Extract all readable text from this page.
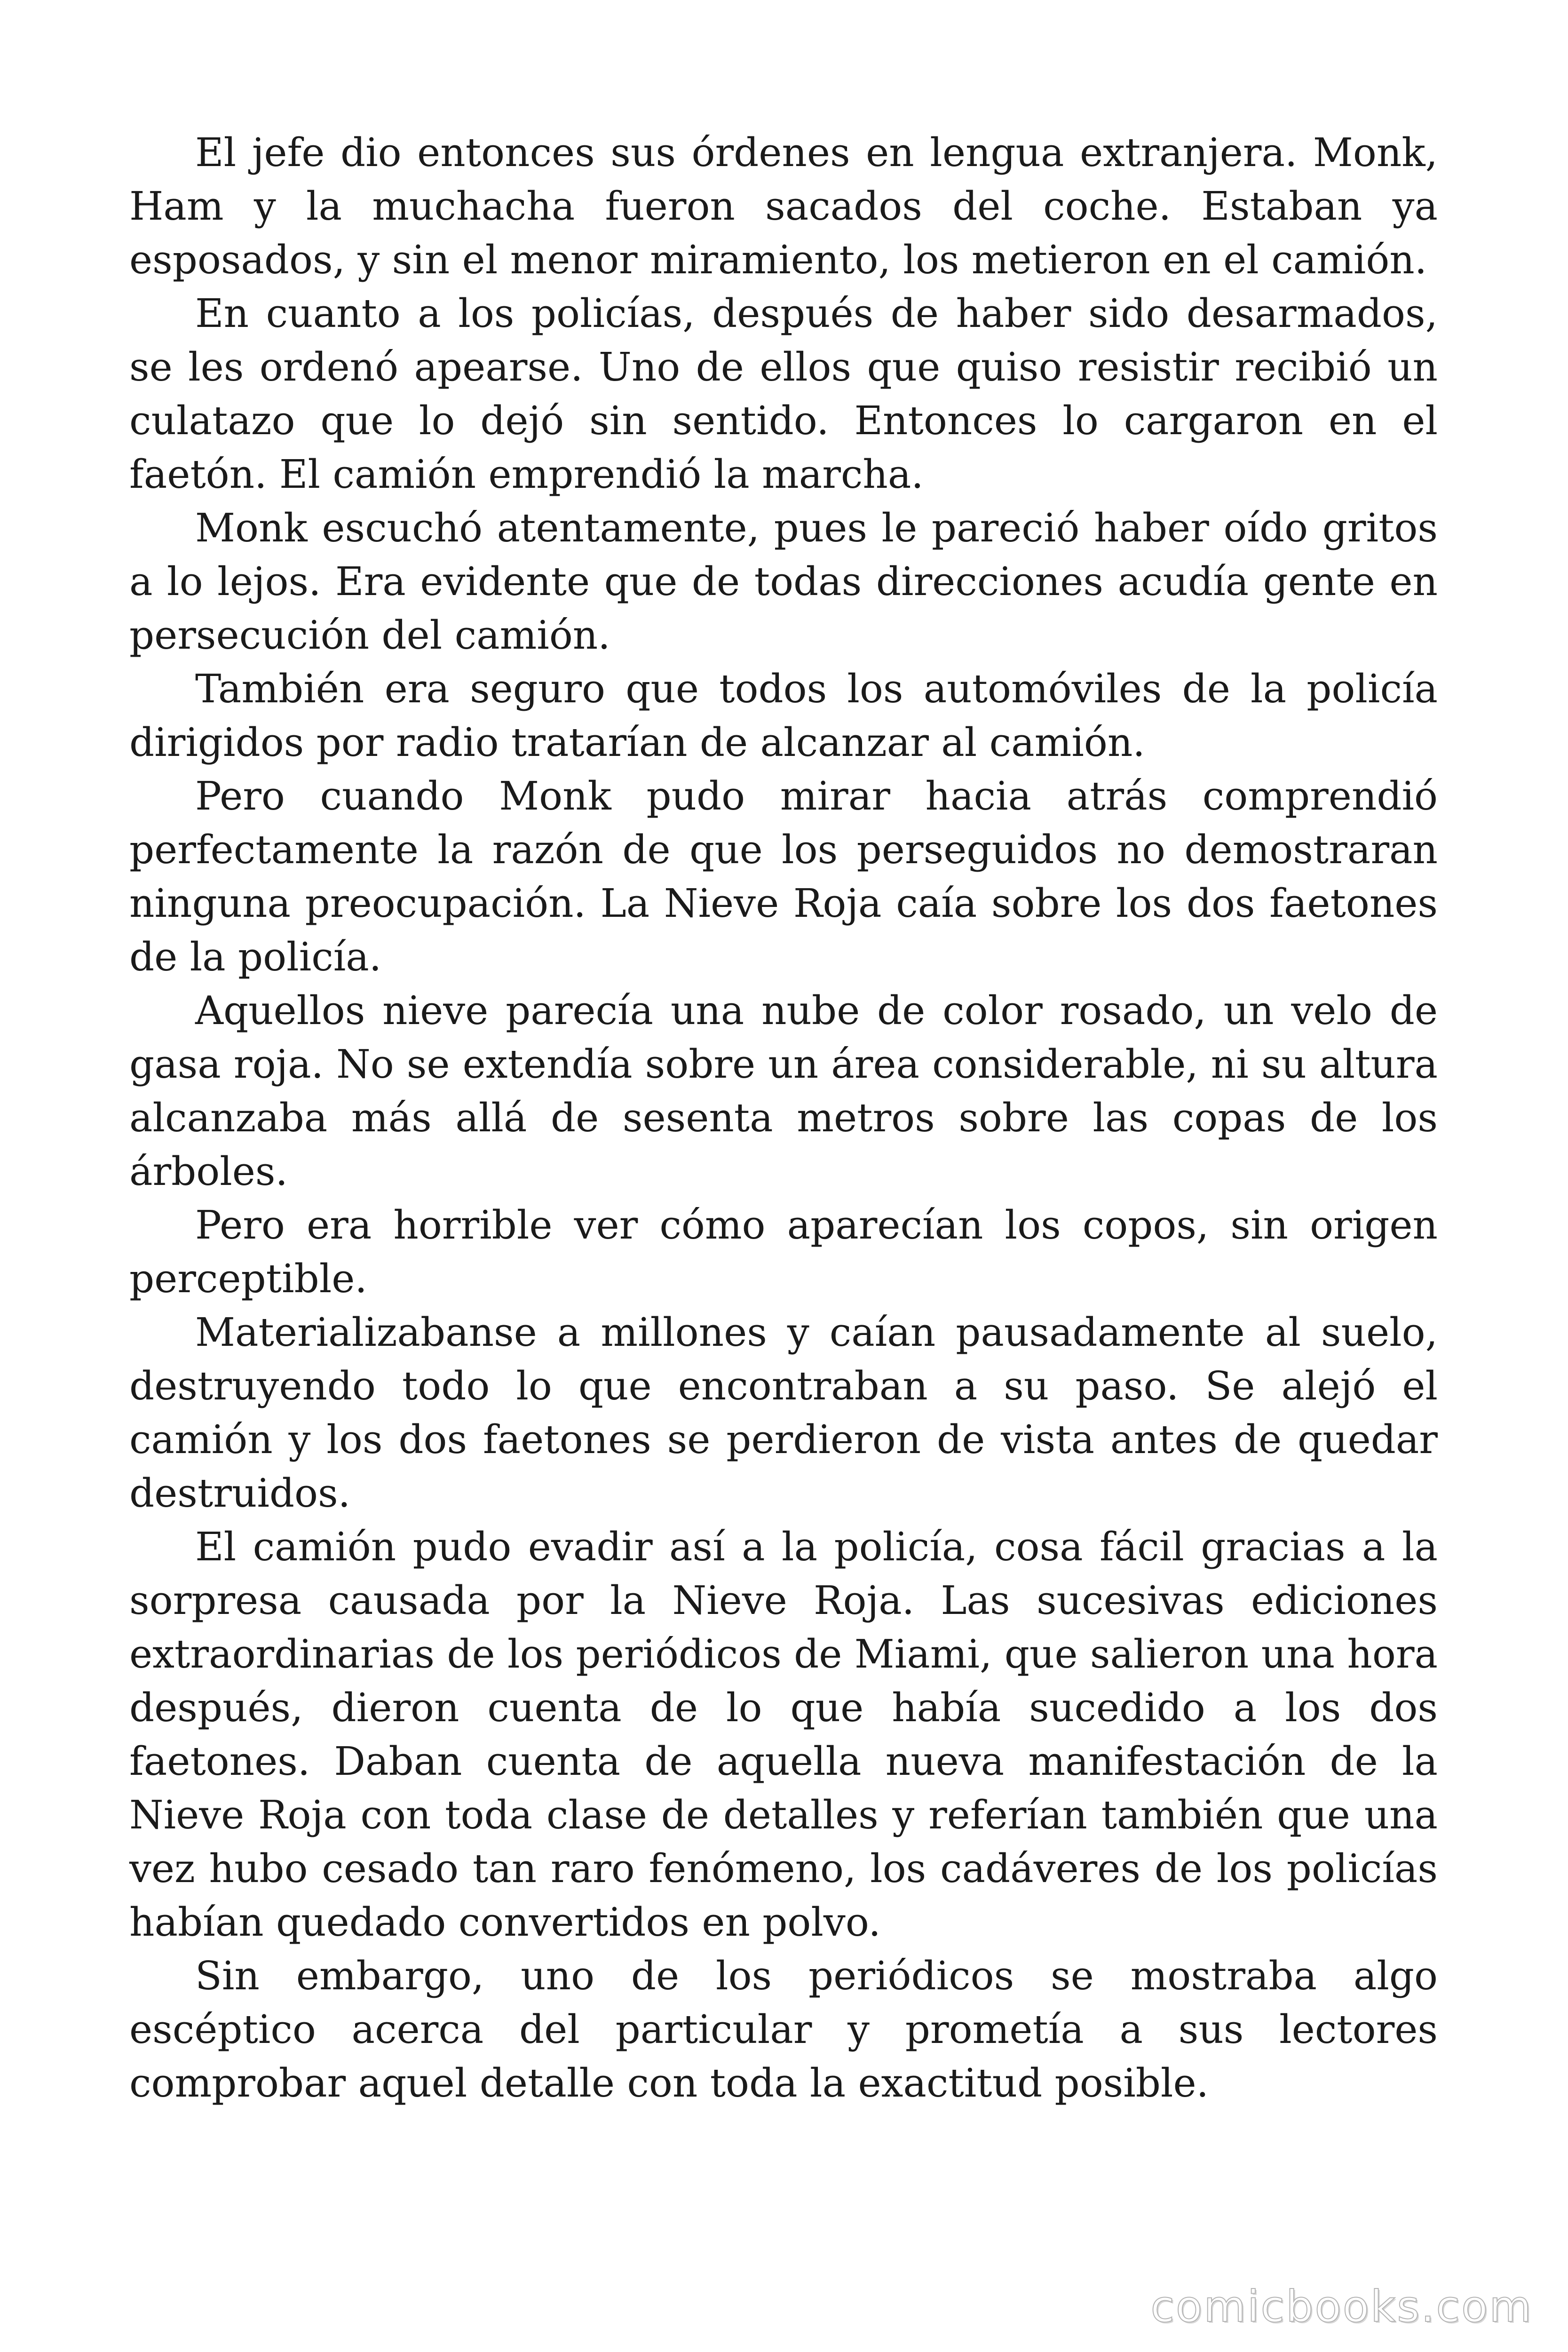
El jefe dio entonces sus órdenes en lengua extranjera. Monk, Ham y la muchacha fueron sacados del coche. Estaban ya esposados, y sin el menor miramiento, los metieron en el camión.

En cuanto a los policías, después de haber sido desarmados, se les ordenó apearse. Uno de ellos que quiso resistir recibió un culatazo que lo dejó sin sentido. Entonces lo cargaron en el faetón. El camión emprendió la marcha.

Monk escuchó atentamente, pues le pareció haber oído gritos a lo lejos. Era evidente que de todas direcciones acudía gente en persecución del camión.

También era seguro que todos los automóviles de la policía dirigidos por radio tratarían de alcanzar al camión.

Pero cuando Monk pudo mirar hacia atrás comprendió perfectamente la razón de que los perseguidos no demostraran ninguna preocupación. La Nieve Roja caía sobre los dos faetones de la policía.

Aquellos nieve parecía una nube de color rosado, un velo de gasa roja. No se extendía sobre un área considerable, ni su altura alcanzaba más allá de sesenta metros sobre las copas de los árboles.

Pero era horrible ver cómo aparecían los copos, sin origen perceptible.

Materializabanse a millones y caían pausadamente al suelo, destruyendo todo lo que encontraban a su paso. Se alejó el camión y los dos faetones se perdieron de vista antes de quedar destruidos.

El camión pudo evadir así a la policía, cosa fácil gracias a la sorpresa causada por la Nieve Roja. Las sucesivas ediciones extraordinarias de los periódicos de Miami, que salieron una hora después, dieron cuenta de lo que había sucedido a los dos faetones. Daban cuenta de aquella nueva manifestación de la Nieve Roja con toda clase de detalles y referían también que una vez hubo cesado tan raro fenómeno, los cadáveres de los policías habían quedado convertidos en polvo.

Sin embargo, uno de los periódicos se mostraba algo escéptico acerca del particular y prometía a sus lectores comprobar aquel detalle con toda la exactitud posible.

comicbooks.com
